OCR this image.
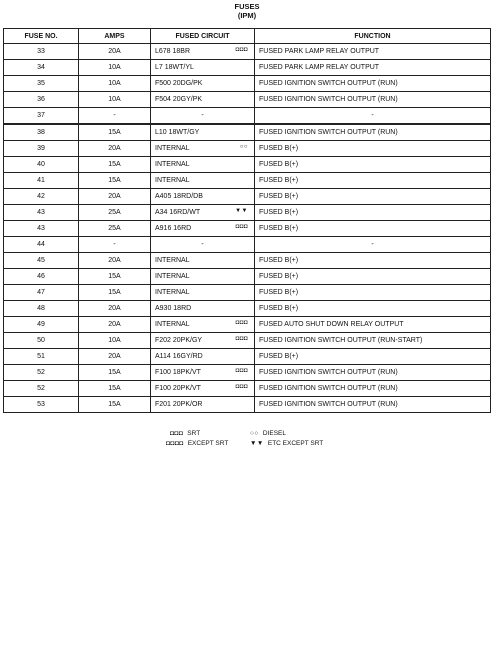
FUSES
(IPM)
FUSE NO.	AMPS	FUSED CIRCUIT	FUNCTION
33	20A	L678 18BR ◘◘◘	FUSED PARK LAMP RELAY OUTPUT
34	10A	L7 18WT/YL	FUSED PARK LAMP RELAY OUTPUT
35	10A	F500 20DG/PK	FUSED IGNITION SWITCH OUTPUT (RUN)
36	10A	F504 20GY/PK	FUSED IGNITION SWITCH OUTPUT (RUN)
37	-	-	-
38	15A	L10 18WT/GY	FUSED IGNITION SWITCH OUTPUT (RUN)
39	20A	INTERNAL ○○	FUSED B(+)
40	15A	INTERNAL	FUSED B(+)
41	15A	INTERNAL	FUSED B(+)
42	20A	A405 18RD/DB	FUSED B(+)
43	25A	A34 16RD/WT ▼▼	FUSED B(+)
43	25A	A916 16RD ◘◘◘	FUSED B(+)
44	-	-	-
45	20A	INTERNAL	FUSED B(+)
46	15A	INTERNAL	FUSED B(+)
47	15A	INTERNAL	FUSED B(+)
48	20A	A930 18RD	FUSED B(+)
49	20A	INTERNAL ◘◘◘	FUSED AUTO SHUT DOWN RELAY OUTPUT
50	10A	F202 20PK/GY ◘◘◘	FUSED IGNITION SWITCH OUTPUT (RUN-START)
51	20A	A114 16GY/RD	FUSED B(+)
52	15A	F100 18PK/VT ◘◘◘	FUSED IGNITION SWITCH OUTPUT (RUN)
52	15A	F100 20PK/VT ◘◘◘	FUSED IGNITION SWITCH OUTPUT (RUN)
53	15A	F201 20PK/OR	FUSED IGNITION SWITCH OUTPUT (RUN)
◘◘◘ SRT	○○ DIESEL
◘◘◘◘ EXCEPT SRT	▼▼ ETC EXCEPT SRT
